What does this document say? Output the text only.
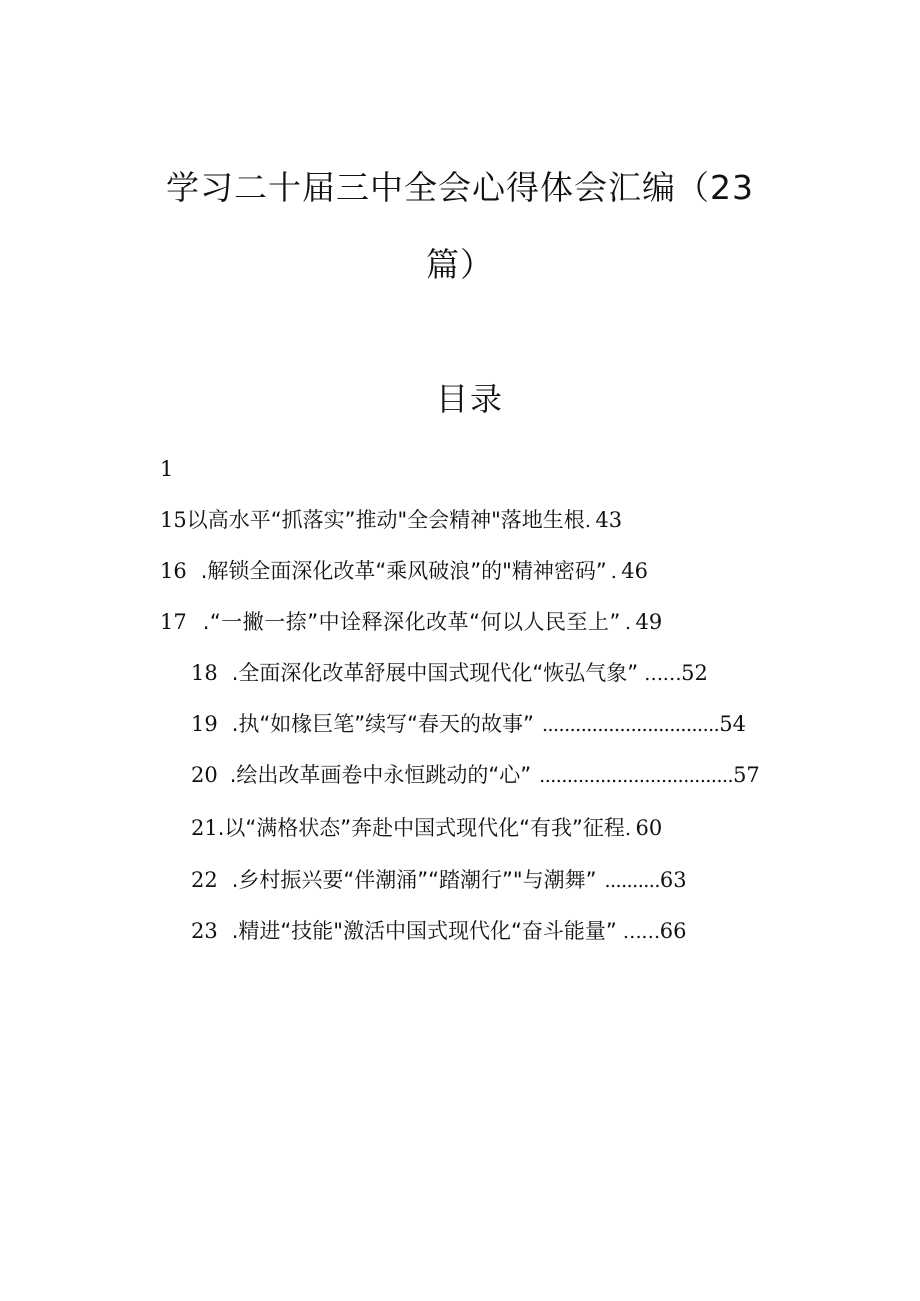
学习二十届三中全会心得体会汇编（23
篇）
目录
1
15 以高水平“抓落实”推动"全会精神"落地生根 . 43
16 .解锁全面深化改革“乘风破浪”的"精神密码” . 46
17 .“一撇一捺”中诠释深化改革“何以人民至上” . 49
18 .全面深化改革舒展中国式现代化“恢弘气象” …… 52
19 .执“如椽巨笔”续写“春天的故事” ................................ 54
20 .绘出改革画卷中永恒跳动的“心” ................................... 57
21 .以“满格状态”奔赴中国式现代化“有我”征程 . 60
22 .乡村振兴要“伴潮涌”“踏潮行”"与潮舞” .......... 63
23 .精进“技能"激活中国式现代化“奋斗能量” …… 66
